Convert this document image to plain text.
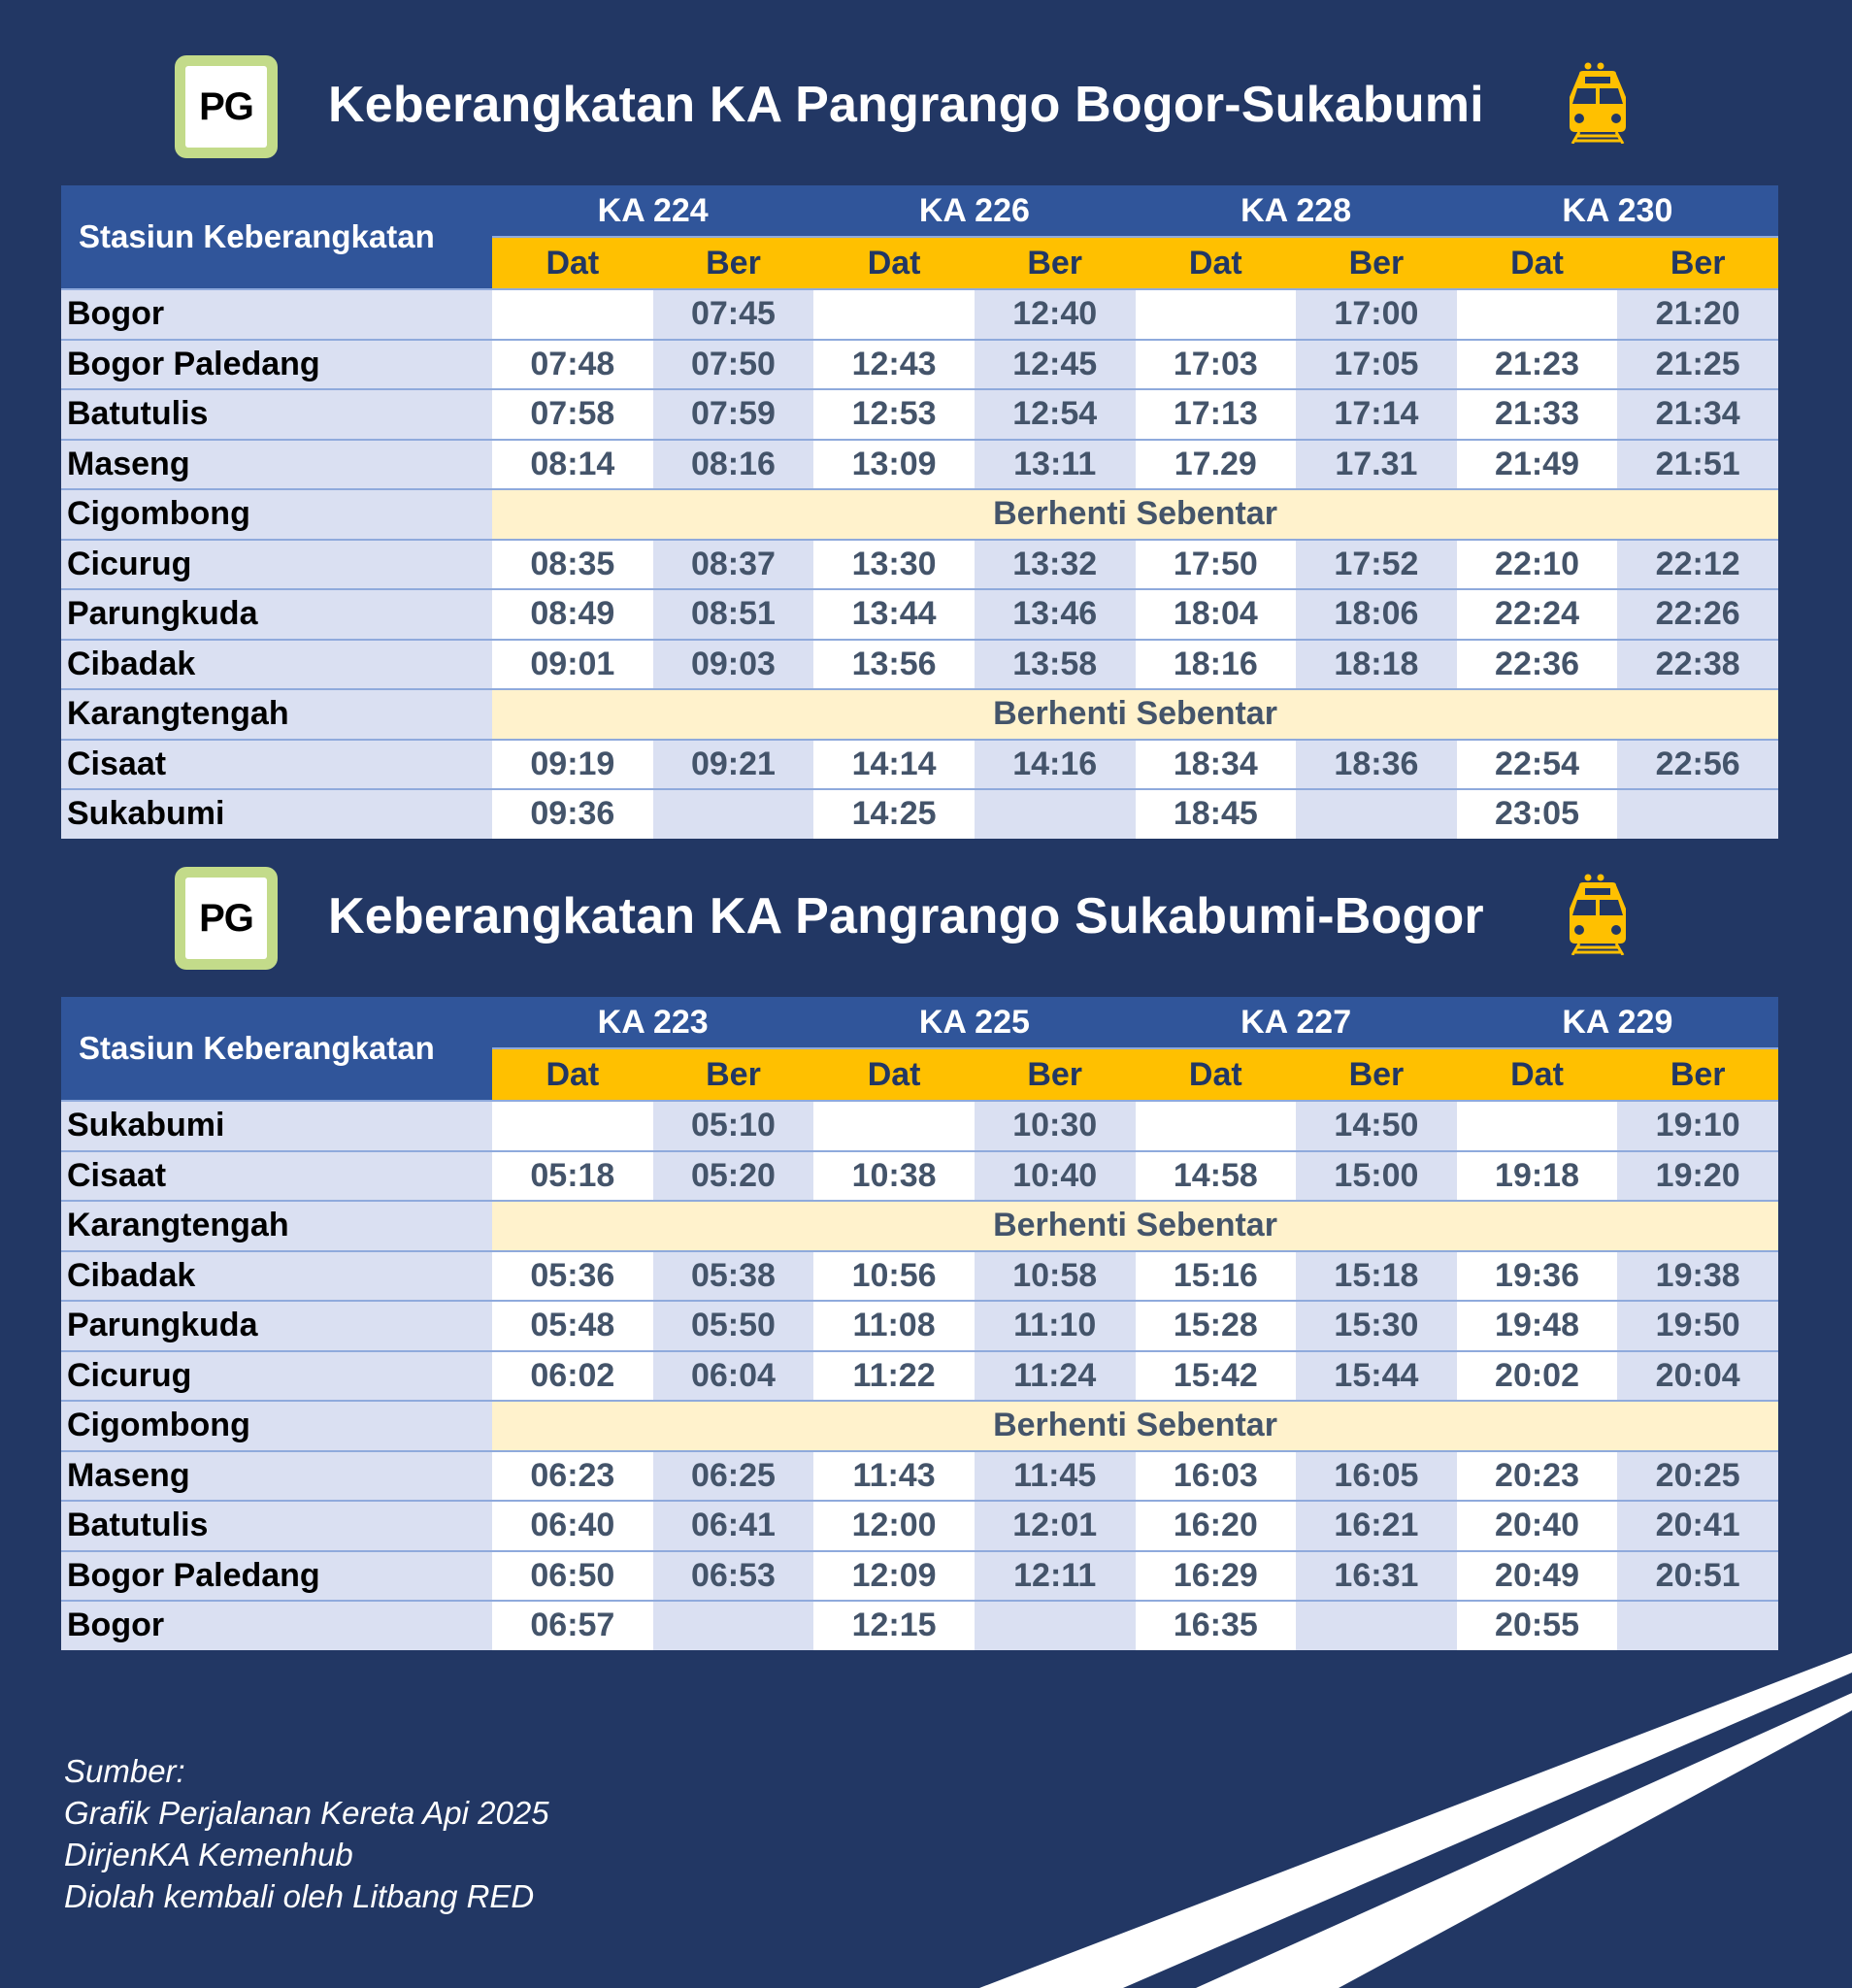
PG Keberangkatan KA Pangrango Bogor-Sukabumi
Stasiun Keberangkatan	KA 224		KA 226		KA 228		KA 230	
	Dat	Ber	Dat	Ber	Dat	Ber	Dat	Ber
Bogor		07:45		12:40		17:00		21:20
Bogor Paledang	07:48	07:50	12:43	12:45	17:03	17:05	21:23	21:25
Batutulis	07:58	07:59	12:53	12:54	17:13	17:14	21:33	21:34
Maseng	08:14	08:16	13:09	13:11	17.29	17.31	21:49	21:51
Cigombong	Berhenti Sebentar							
Cicurug	08:35	08:37	13:30	13:32	17:50	17:52	22:10	22:12
Parungkuda	08:49	08:51	13:44	13:46	18:04	18:06	22:24	22:26
Cibadak	09:01	09:03	13:56	13:58	18:16	18:18	22:36	22:38
Karangtengah	Berhenti Sebentar							
Cisaat	09:19	09:21	14:14	14:16	18:34	18:36	22:54	22:56
Sukabumi	09:36		14:25		18:45		23:05	
PG Keberangkatan KA Pangrango Sukabumi-Bogor
Stasiun Keberangkatan	KA 223		KA 225		KA 227		KA 229	
	Dat	Ber	Dat	Ber	Dat	Ber	Dat	Ber
Sukabumi		05:10		10:30		14:50		19:10
Cisaat	05:18	05:20	10:38	10:40	14:58	15:00	19:18	19:20
Karangtengah	Berhenti Sebentar							
Cibadak	05:36	05:38	10:56	10:58	15:16	15:18	19:36	19:38
Parungkuda	05:48	05:50	11:08	11:10	15:28	15:30	19:48	19:50
Cicurug	06:02	06:04	11:22	11:24	15:42	15:44	20:02	20:04
Cigombong	Berhenti Sebentar							
Maseng	06:23	06:25	11:43	11:45	16:03	16:05	20:23	20:25
Batutulis	06:40	06:41	12:00	12:01	16:20	16:21	20:40	20:41
Bogor Paledang	06:50	06:53	12:09	12:11	16:29	16:31	20:49	20:51
Bogor	06:57		12:15		16:35		20:55	
Sumber:
Grafik Perjalanan Kereta Api 2025
DirjenKA Kemenhub
Diolah kembali oleh Litbang RED
